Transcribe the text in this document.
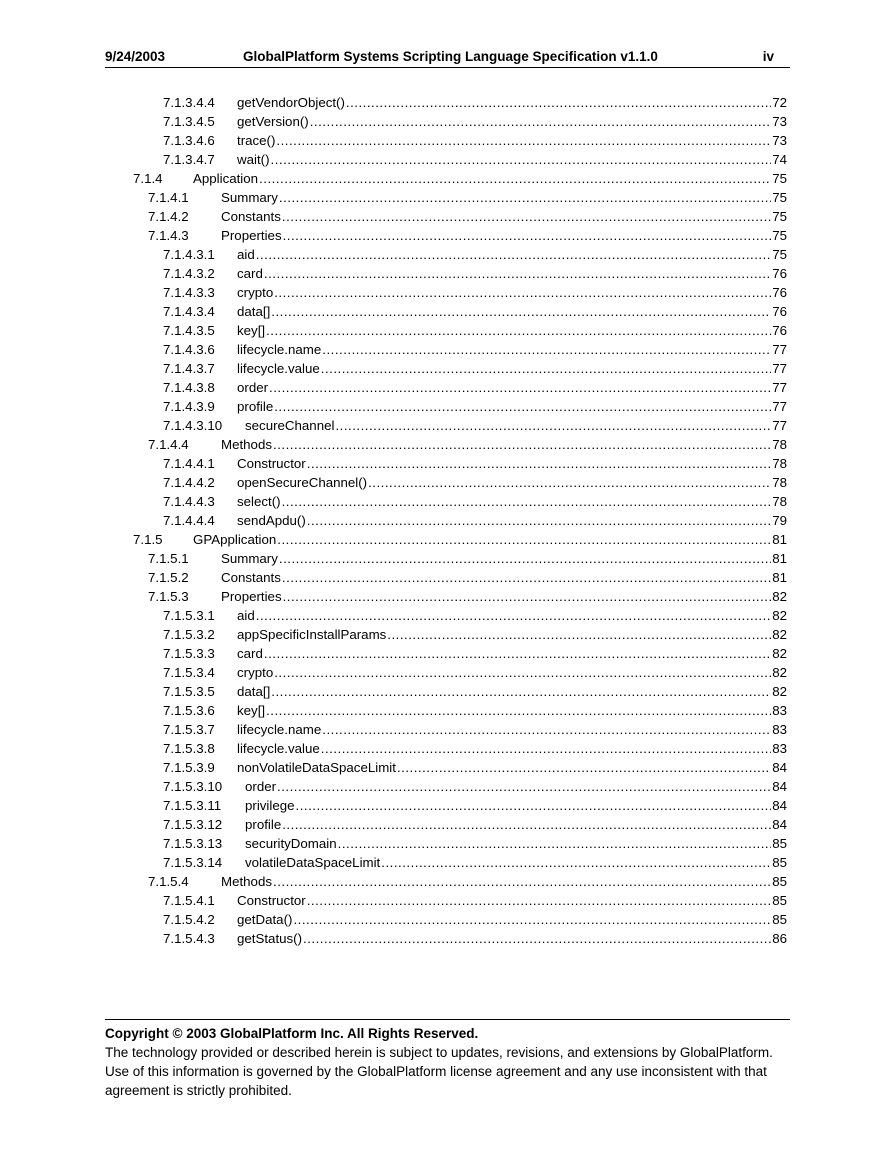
9/24/2003	GlobalPlatform Systems Scripting Language Specification v1.1.0	iv
7.1.3.4.4	getVendorObject() . . .	72
7.1.3.4.5	getVersion() . . .	73
7.1.3.4.6	trace() . . .	73
7.1.3.4.7	wait() . . .	74
7.1.4	Application . . .	75
7.1.4.1	Summary . . .	75
7.1.4.2	Constants . . .	75
7.1.4.3	Properties . . .	75
7.1.4.3.1	aid . . .	75
7.1.4.3.2	card . . .	76
7.1.4.3.3	crypto . . .	76
7.1.4.3.4	data[] . . .	76
7.1.4.3.5	key[] . . .	76
7.1.4.3.6	lifecycle.name . . .	77
7.1.4.3.7	lifecycle.value . . .	77
7.1.4.3.8	order . . .	77
7.1.4.3.9	profile . . .	77
7.1.4.3.10	secureChannel . . .	77
7.1.4.4	Methods . . .	78
7.1.4.4.1	Constructor . . .	78
7.1.4.4.2	openSecureChannel() . . .	78
7.1.4.4.3	select() . . .	78
7.1.4.4.4	sendApdu() . . .	79
7.1.5	GPApplication . . .	81
7.1.5.1	Summary . . .	81
7.1.5.2	Constants . . .	81
7.1.5.3	Properties . . .	82
7.1.5.3.1	aid . . .	82
7.1.5.3.2	appSpecificInstallParams . . .	82
7.1.5.3.3	card . . .	82
7.1.5.3.4	crypto . . .	82
7.1.5.3.5	data[] . . .	82
7.1.5.3.6	key[] . . .	83
7.1.5.3.7	lifecycle.name . . .	83
7.1.5.3.8	lifecycle.value . . .	83
7.1.5.3.9	nonVolatileDataSpaceLimit . . .	84
7.1.5.3.10	order . . .	84
7.1.5.3.11	privilege . . .	84
7.1.5.3.12	profile . . .	84
7.1.5.3.13	securityDomain . . .	85
7.1.5.3.14	volatileDataSpaceLimit . . .	85
7.1.5.4	Methods . . .	85
7.1.5.4.1	Constructor . . .	85
7.1.5.4.2	getData() . . .	85
7.1.5.4.3	getStatus() . . .	86
Copyright © 2003 GlobalPlatform Inc. All Rights Reserved.
The technology provided or described herein is subject to updates, revisions, and extensions by GlobalPlatform. Use of this information is governed by the GlobalPlatform license agreement and any use inconsistent with that agreement is strictly prohibited.
